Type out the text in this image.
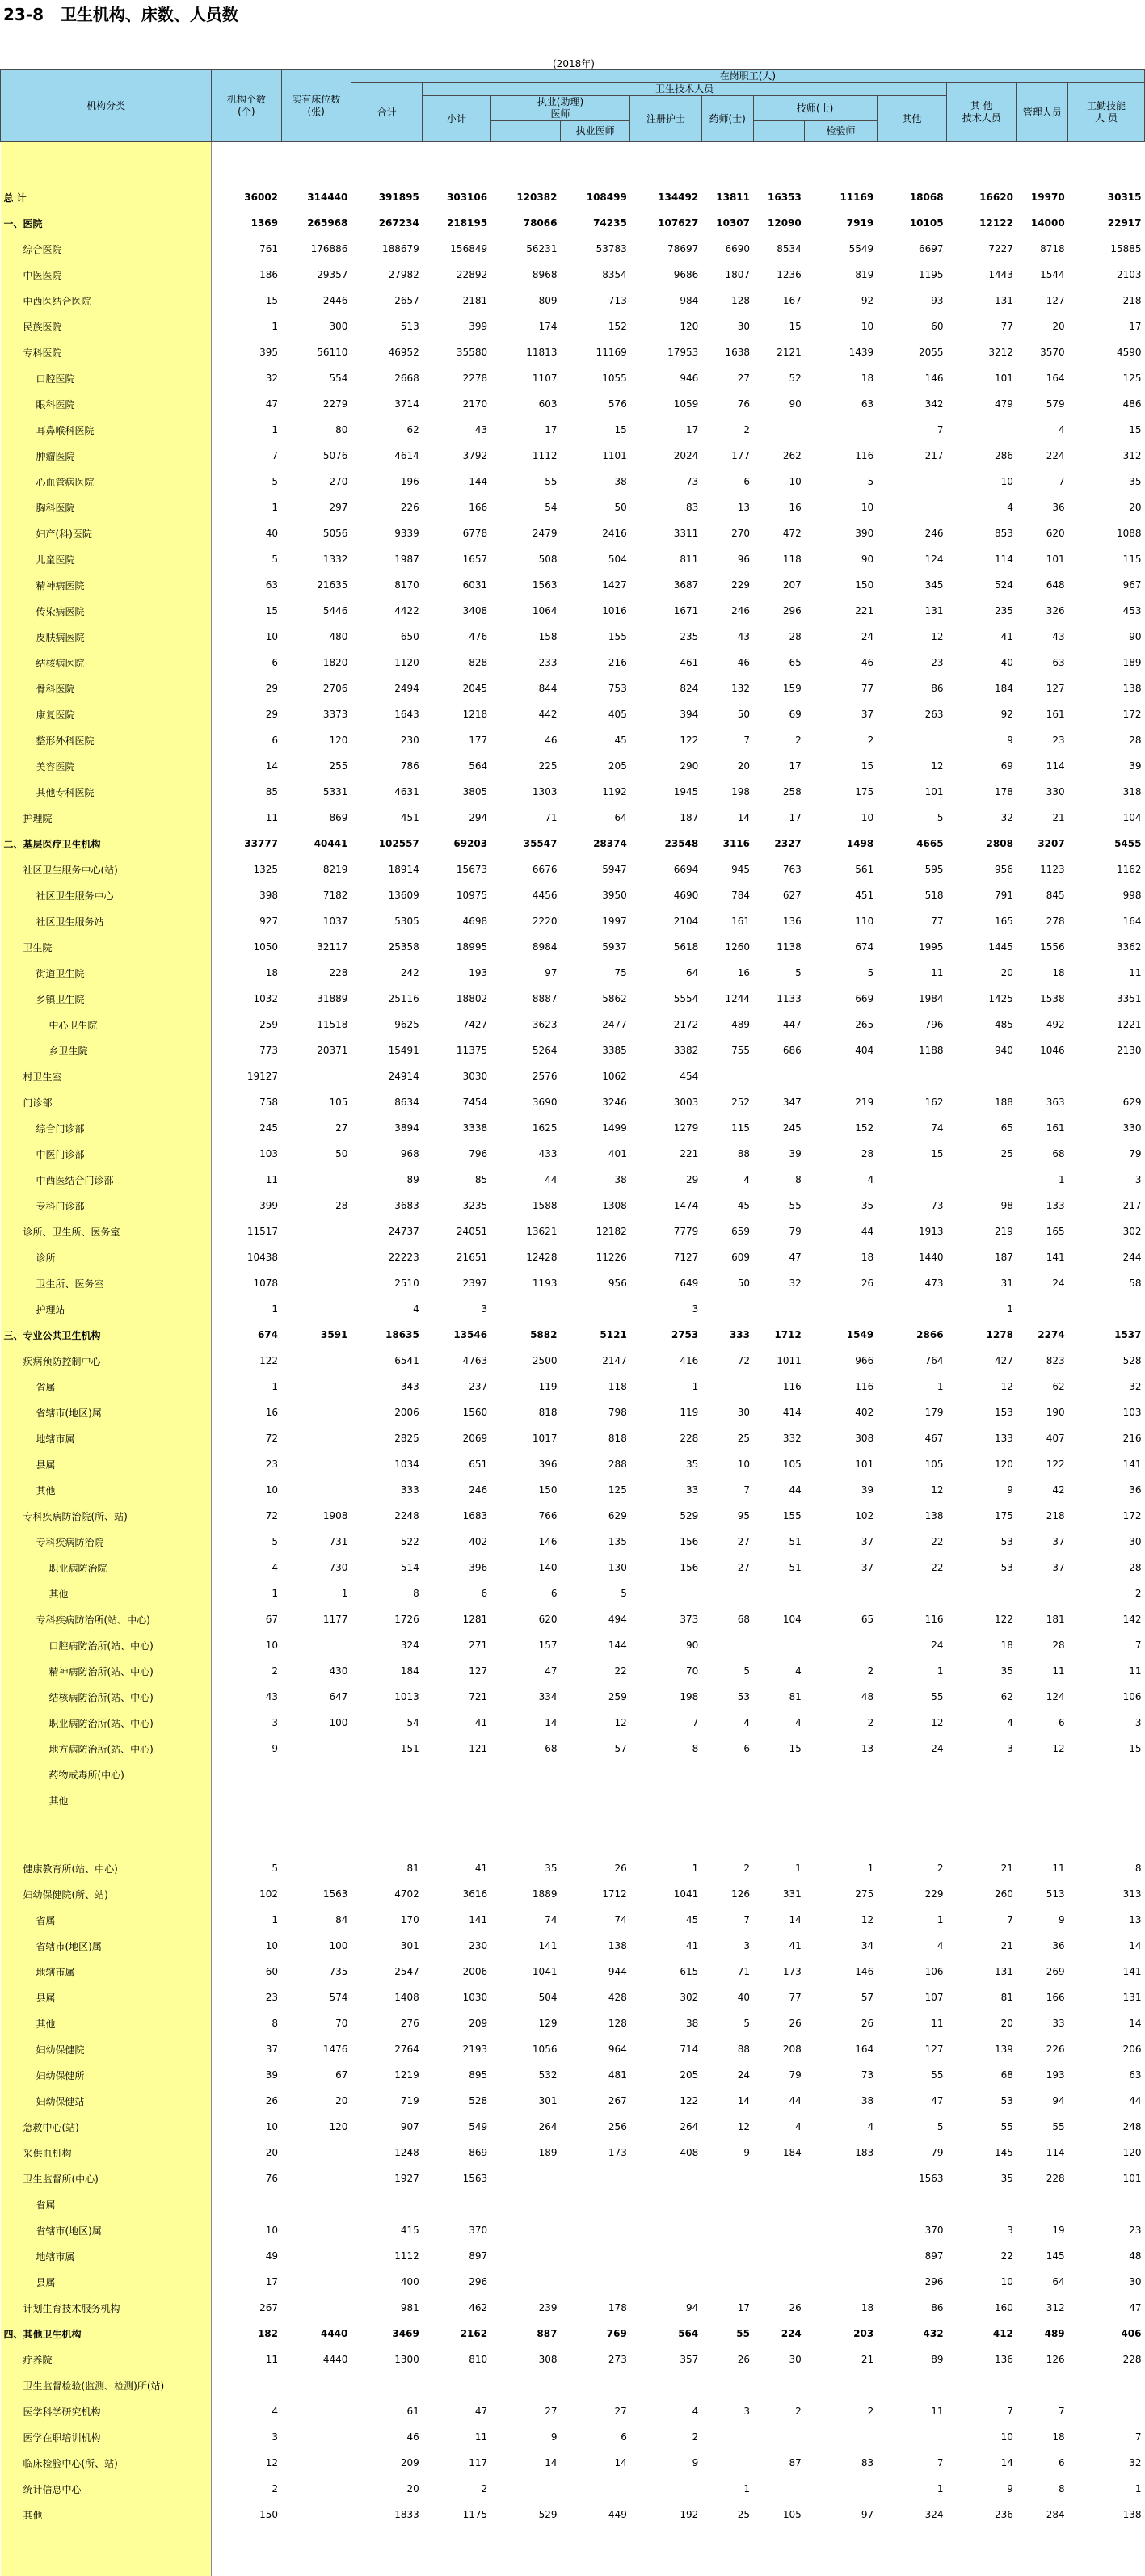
23-8   卫生机构、床数、人员数
(2018年)
机构分类	机构个数
(个)	实有床位数
(张)	在岗职工(人)											
			合计	卫生技术人员								其 他
技术人员	管理人员	工勤技能
人 员
				小计	执业(助理)
医师		注册护士	药师(士)	技师(士)		其他			
						执业医师				检验师				

总 计	36002	314440	391895	303106	120382	108499	134492	13811	16353	11169	18068	16620	19970	30315
一、医院	1369	265968	267234	218195	78066	74235	107627	10307	12090	7919	10105	12122	14000	22917
综合医院	761	176886	188679	156849	56231	53783	78697	6690	8534	5549	6697	7227	8718	15885
中医医院	186	29357	27982	22892	8968	8354	9686	1807	1236	819	1195	1443	1544	2103
中西医结合医院	15	2446	2657	2181	809	713	984	128	167	92	93	131	127	218
民族医院	1	300	513	399	174	152	120	30	15	10	60	77	20	17
专科医院	395	56110	46952	35580	11813	11169	17953	1638	2121	1439	2055	3212	3570	4590
口腔医院	32	554	2668	2278	1107	1055	946	27	52	18	146	101	164	125
眼科医院	47	2279	3714	2170	603	576	1059	76	90	63	342	479	579	486
耳鼻喉科医院	1	80	62	43	17	15	17	2			7		4	15
肿瘤医院	7	5076	4614	3792	1112	1101	2024	177	262	116	217	286	224	312
心血管病医院	5	270	196	144	55	38	73	6	10	5		10	7	35
胸科医院	1	297	226	166	54	50	83	13	16	10		4	36	20
妇产(科)医院	40	5056	9339	6778	2479	2416	3311	270	472	390	246	853	620	1088
儿童医院	5	1332	1987	1657	508	504	811	96	118	90	124	114	101	115
精神病医院	63	21635	8170	6031	1563	1427	3687	229	207	150	345	524	648	967
传染病医院	15	5446	4422	3408	1064	1016	1671	246	296	221	131	235	326	453
皮肤病医院	10	480	650	476	158	155	235	43	28	24	12	41	43	90
结核病医院	6	1820	1120	828	233	216	461	46	65	46	23	40	63	189
骨科医院	29	2706	2494	2045	844	753	824	132	159	77	86	184	127	138
康复医院	29	3373	1643	1218	442	405	394	50	69	37	263	92	161	172
整形外科医院	6	120	230	177	46	45	122	7	2	2		9	23	28
美容医院	14	255	786	564	225	205	290	20	17	15	12	69	114	39
其他专科医院	85	5331	4631	3805	1303	1192	1945	198	258	175	101	178	330	318
护理院	11	869	451	294	71	64	187	14	17	10	5	32	21	104
二、基层医疗卫生机构	33777	40441	102557	69203	35547	28374	23548	3116	2327	1498	4665	2808	3207	5455
社区卫生服务中心(站)	1325	8219	18914	15673	6676	5947	6694	945	763	561	595	956	1123	1162
社区卫生服务中心	398	7182	13609	10975	4456	3950	4690	784	627	451	518	791	845	998
社区卫生服务站	927	1037	5305	4698	2220	1997	2104	161	136	110	77	165	278	164
卫生院	1050	32117	25358	18995	8984	5937	5618	1260	1138	674	1995	1445	1556	3362
街道卫生院	18	228	242	193	97	75	64	16	5	5	11	20	18	11
乡镇卫生院	1032	31889	25116	18802	8887	5862	5554	1244	1133	669	1984	1425	1538	3351
中心卫生院	259	11518	9625	7427	3623	2477	2172	489	447	265	796	485	492	1221
乡卫生院	773	20371	15491	11375	5264	3385	3382	755	686	404	1188	940	1046	2130
村卫生室	19127		24914	3030	2576	1062	454							
门诊部	758	105	8634	7454	3690	3246	3003	252	347	219	162	188	363	629
综合门诊部	245	27	3894	3338	1625	1499	1279	115	245	152	74	65	161	330
中医门诊部	103	50	968	796	433	401	221	88	39	28	15	25	68	79
中西医结合门诊部	11		89	85	44	38	29	4	8	4			1	3
专科门诊部	399	28	3683	3235	1588	1308	1474	45	55	35	73	98	133	217
诊所、卫生所、医务室	11517		24737	24051	13621	12182	7779	659	79	44	1913	219	165	302
诊所	10438		22223	21651	12428	11226	7127	609	47	18	1440	187	141	244
卫生所、医务室	1078		2510	2397	1193	956	649	50	32	26	473	31	24	58
护理站	1		4	3			3					1		
三、专业公共卫生机构	674	3591	18635	13546	5882	5121	2753	333	1712	1549	2866	1278	2274	1537
疾病预防控制中心	122		6541	4763	2500	2147	416	72	1011	966	764	427	823	528
省属	1		343	237	119	118	1		116	116	1	12	62	32
省辖市(地区)属	16		2006	1560	818	798	119	30	414	402	179	153	190	103
地辖市属	72		2825	2069	1017	818	228	25	332	308	467	133	407	216
县属	23		1034	651	396	288	35	10	105	101	105	120	122	141
其他	10		333	246	150	125	33	7	44	39	12	9	42	36
专科疾病防治院(所、站)	72	1908	2248	1683	766	629	529	95	155	102	138	175	218	172
专科疾病防治院	5	731	522	402	146	135	156	27	51	37	22	53	37	30
职业病防治院	4	730	514	396	140	130	156	27	51	37	22	53	37	28
其他	1	1	8	6	6	5								2
专科疾病防治所(站、中心)	67	1177	1726	1281	620	494	373	68	104	65	116	122	181	142
口腔病防治所(站、中心)	10		324	271	157	144	90				24	18	28	7
精神病防治所(站、中心)	2	430	184	127	47	22	70	5	4	2	1	35	11	11
结核病防治所(站、中心)	43	647	1013	721	334	259	198	53	81	48	55	62	124	106
职业病防治所(站、中心)	3	100	54	41	14	12	7	4	4	2	12	4	6	3
地方病防治所(站、中心)	9		151	121	68	57	8	6	15	13	24	3	12	15
药物戒毒所(中心)														
其他														

健康教育所(站、中心)	5		81	41	35	26	1	2	1	1	2	21	11	8
妇幼保健院(所、站)	102	1563	4702	3616	1889	1712	1041	126	331	275	229	260	513	313
省属	1	84	170	141	74	74	45	7	14	12	1	7	9	13
省辖市(地区)属	10	100	301	230	141	138	41	3	41	34	4	21	36	14
地辖市属	60	735	2547	2006	1041	944	615	71	173	146	106	131	269	141
县属	23	574	1408	1030	504	428	302	40	77	57	107	81	166	131
其他	8	70	276	209	129	128	38	5	26	26	11	20	33	14
妇幼保健院	37	1476	2764	2193	1056	964	714	88	208	164	127	139	226	206
妇幼保健所	39	67	1219	895	532	481	205	24	79	73	55	68	193	63
妇幼保健站	26	20	719	528	301	267	122	14	44	38	47	53	94	44
急救中心(站)	10	120	907	549	264	256	264	12	4	4	5	55	55	248
采供血机构	20		1248	869	189	173	408	9	184	183	79	145	114	120
卫生监督所(中心)	76		1927	1563							1563	35	228	101
省属														
省辖市(地区)属	10		415	370							370	3	19	23
地辖市属	49		1112	897							897	22	145	48
县属	17		400	296							296	10	64	30
计划生育技术服务机构	267		981	462	239	178	94	17	26	18	86	160	312	47
四、其他卫生机构	182	4440	3469	2162	887	769	564	55	224	203	432	412	489	406
疗养院	11	4440	1300	810	308	273	357	26	30	21	89	136	126	228
卫生监督检验(监测、检测)所(站)														
医学科学研究机构	4		61	47	27	27	4	3	2	2	11	7	7	
医学在职培训机构	3		46	11	9	6	2					10	18	7
临床检验中心(所、站)	12		209	117	14	14	9		87	83	7	14	6	32
统计信息中心	2		20	2				1			1	9	8	1
其他	150		1833	1175	529	449	192	25	105	97	324	236	284	138
